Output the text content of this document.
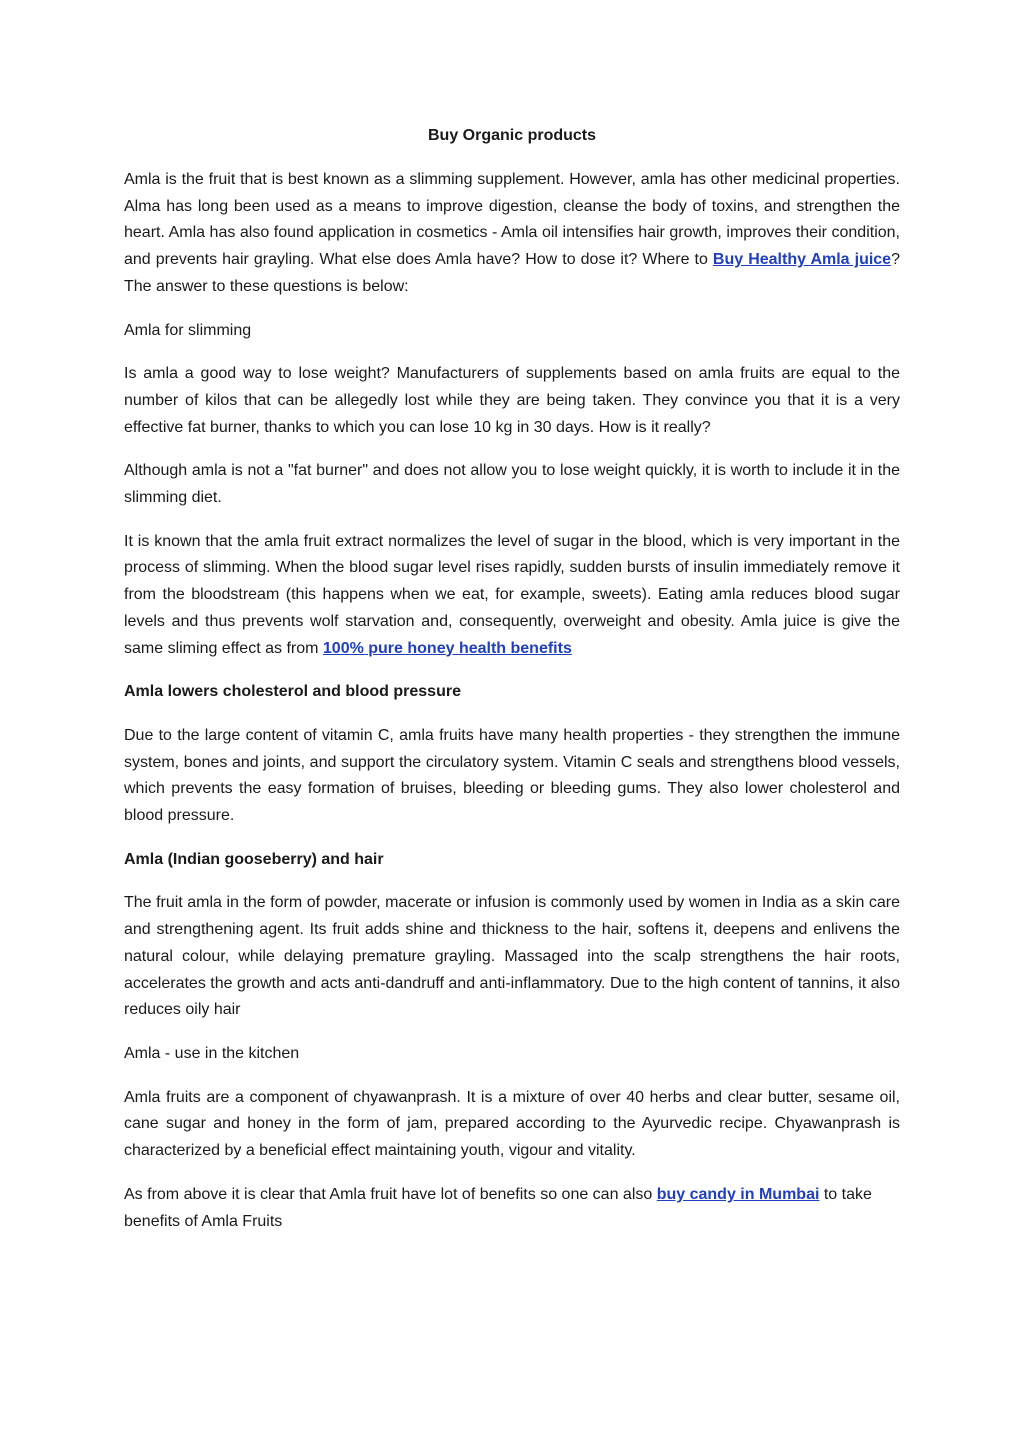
Buy Organic products

Amla is the fruit that is best known as a slimming supplement. However, amla has other medicinal properties. Alma has long been used as a means to improve digestion, cleanse the body of toxins, and strengthen the heart. Amla has also found application in cosmetics - Amla oil intensifies hair growth, improves their condition, and prevents hair grayling. What else does Amla have? How to dose it? Where to Buy Healthy Amla juice? The answer to these questions is below:

Amla for slimming

Is amla a good way to lose weight? Manufacturers of supplements based on amla fruits are equal to the number of kilos that can be allegedly lost while they are being taken. They convince you that it is a very effective fat burner, thanks to which you can lose 10 kg in 30 days. How is it really?

Although amla is not a "fat burner" and does not allow you to lose weight quickly, it is worth to include it in the slimming diet.

It is known that the amla fruit extract normalizes the level of sugar in the blood, which is very important in the process of slimming. When the blood sugar level rises rapidly, sudden bursts of insulin immediately remove it from the bloodstream (this happens when we eat, for example, sweets). Eating amla reduces blood sugar levels and thus prevents wolf starvation and, consequently, overweight and obesity. Amla juice is give the same sliming effect as from 100% pure honey health benefits

Amla lowers cholesterol and blood pressure

Due to the large content of vitamin C, amla fruits have many health properties - they strengthen the immune system, bones and joints, and support the circulatory system. Vitamin C seals and strengthens blood vessels, which prevents the easy formation of bruises, bleeding or bleeding gums. They also lower cholesterol and blood pressure.

Amla (Indian gooseberry) and hair

The fruit amla in the form of powder, macerate or infusion is commonly used by women in India as a skin care and strengthening agent. Its fruit adds shine and thickness to the hair, softens it, deepens and enlivens the natural colour, while delaying premature grayling. Massaged into the scalp strengthens the hair roots, accelerates the growth and acts anti-dandruff and anti-inflammatory. Due to the high content of tannins, it also reduces oily hair

Amla - use in the kitchen

Amla fruits are a component of chyawanprash. It is a mixture of over 40 herbs and clear butter, sesame oil, cane sugar and honey in the form of jam, prepared according to the Ayurvedic recipe. Chyawanprash is characterized by a beneficial effect maintaining youth, vigour and vitality.

As from above it is clear that Amla fruit have lot of benefits so one can also buy candy in Mumbai to take benefits of Amla Fruits
